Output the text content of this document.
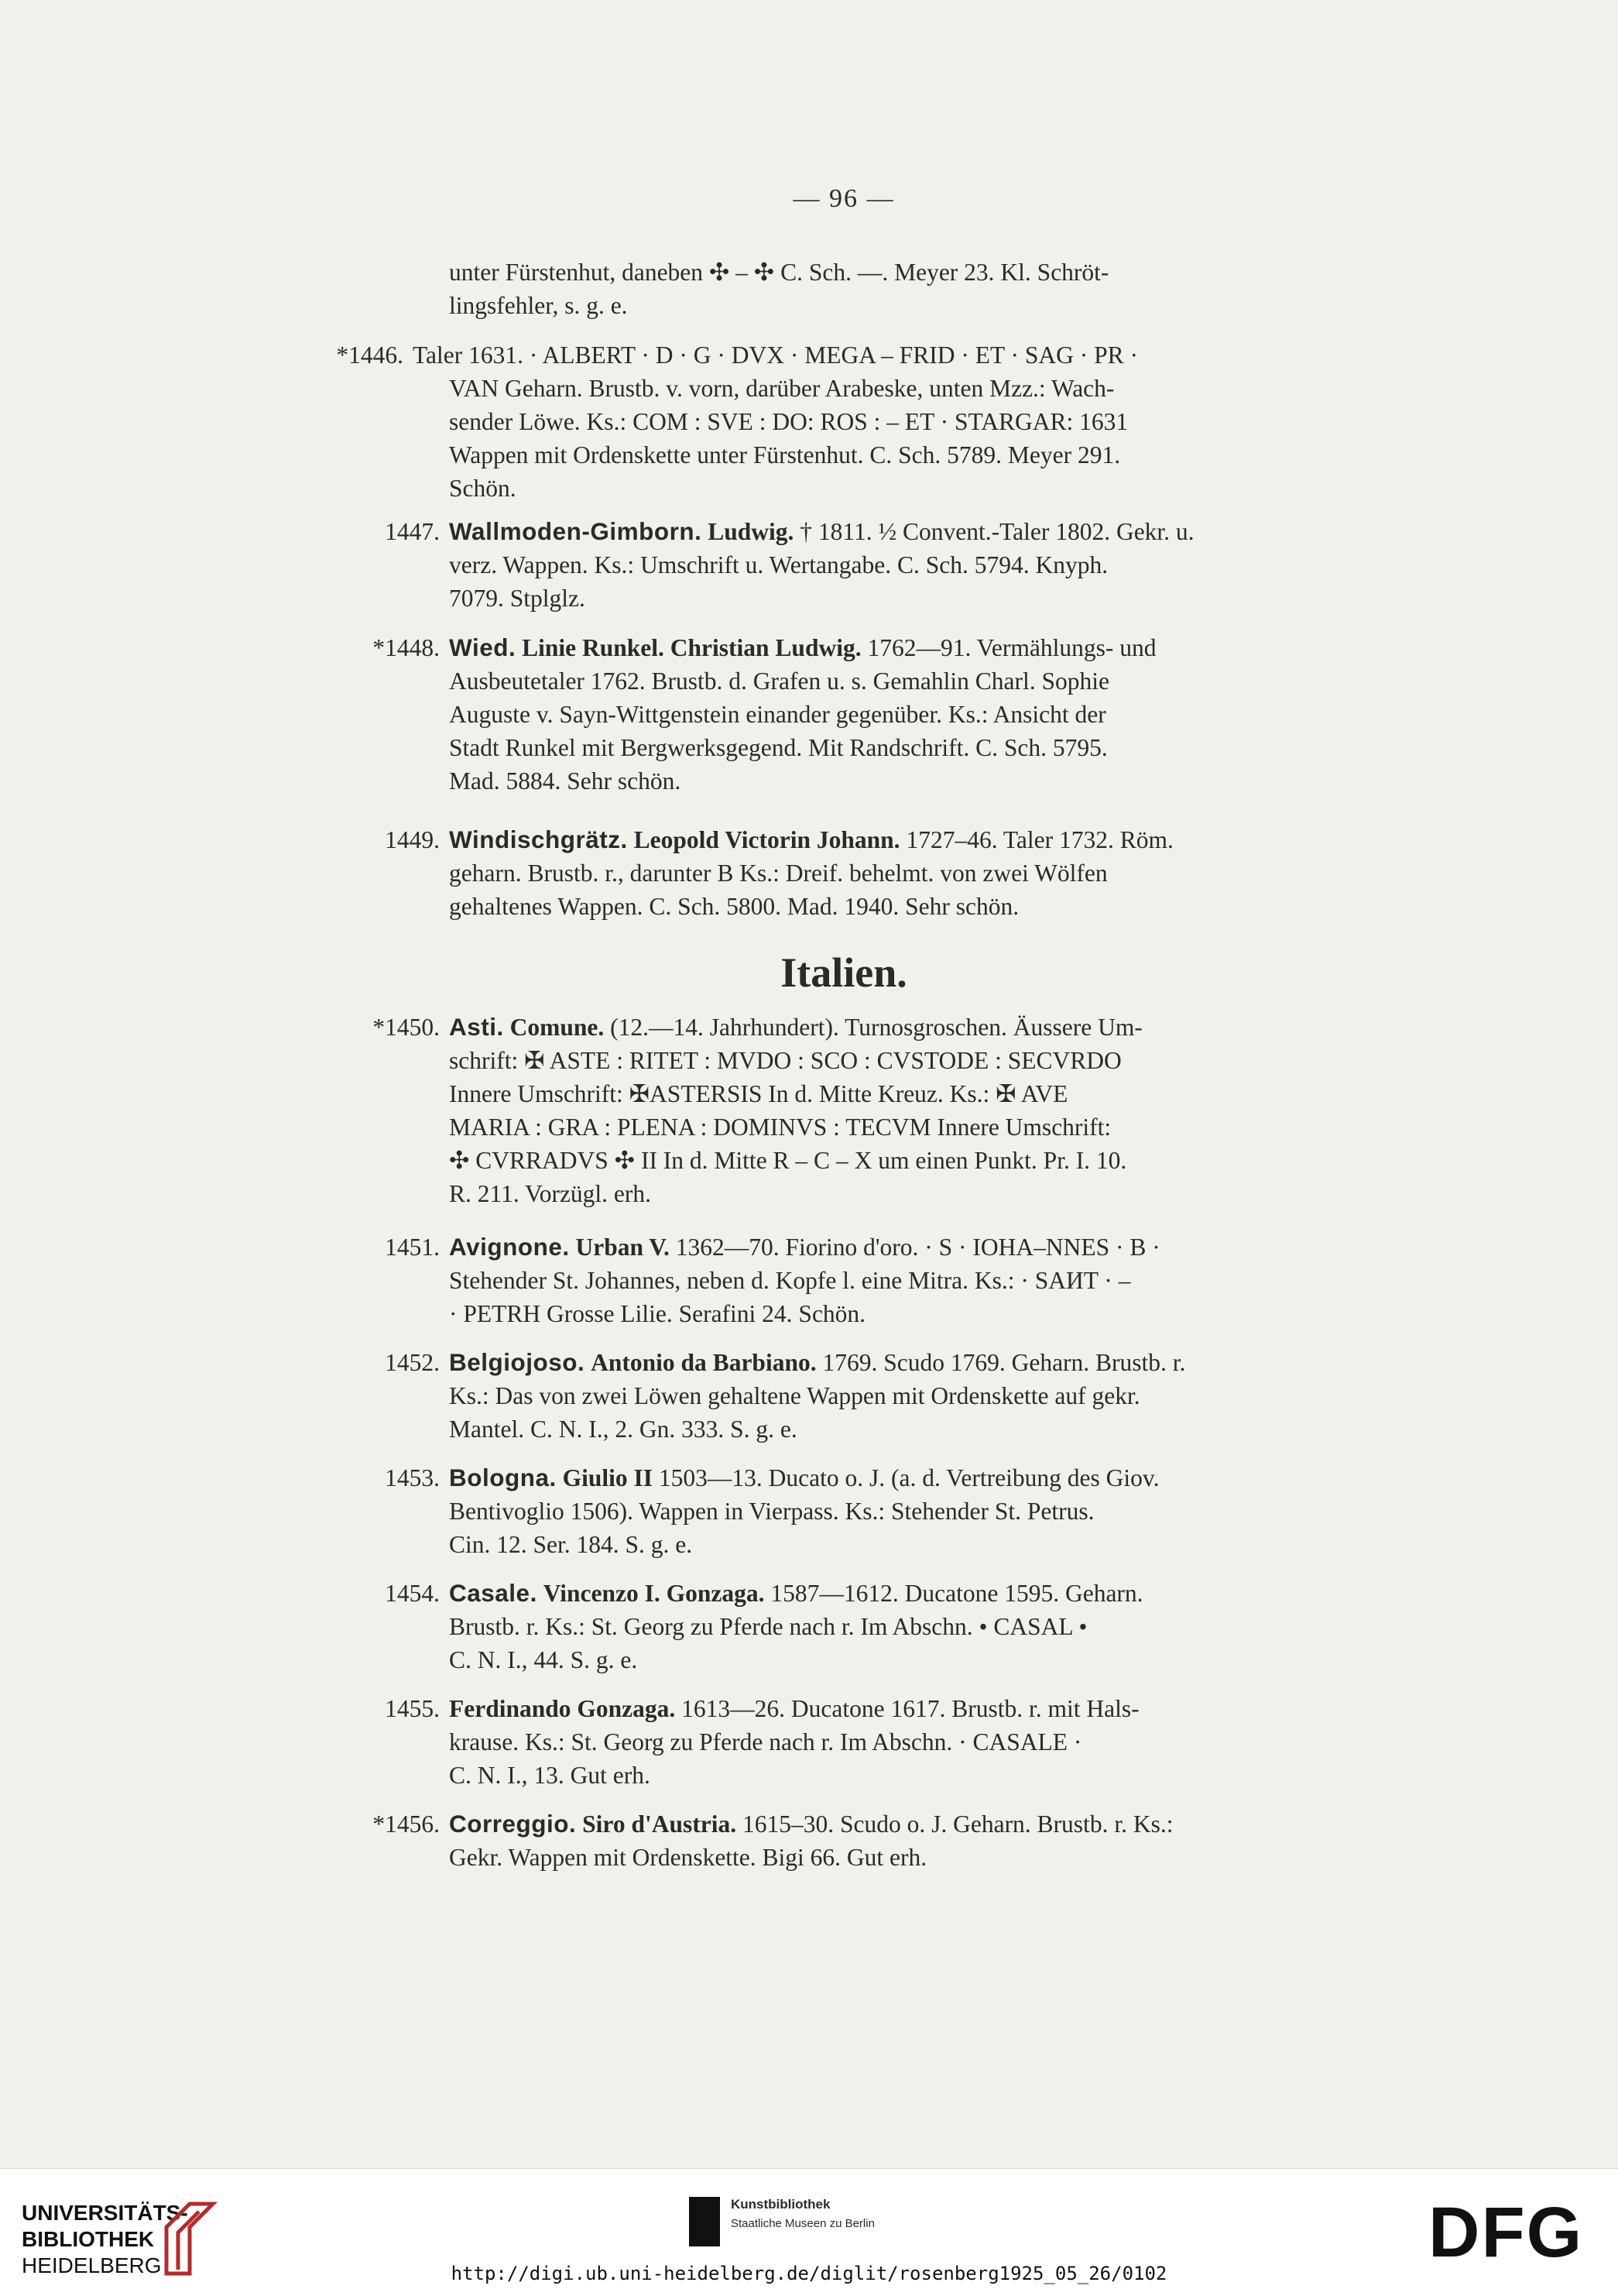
— 96 —
unter Fürstenhut, daneben ✣ – ✣ C. Sch. —. Meyer 23. Kl. Schröt-
lingsfehler, s. g. e.
Taler 1631. · ALBERT · D · G · DVX · MEGA – FRID · ET · SAG · PR ·
*1446.
VAN Geharn. Brustb. v. vorn, darüber Arabeske, unten Mzz.: Wach-
sender Löwe. Ks.: COM : SVE : DO: ROS : – ET · STARGAR: 1631
Wappen mit Ordenskette unter Fürstenhut. C. Sch. 5789. Meyer 291.
Schön.
1447. Wallmoden-Gimborn. Ludwig. † 1811. ½ Convent.-Taler 1802. Gekr. u.
verz. Wappen. Ks.: Umschrift u. Wertangabe. C. Sch. 5794. Knyph.
7079. Stplglz.
*1448. Wied. Linie Runkel. Christian Ludwig. 1762—91. Vermählungs- und
Ausbeutetaler 1762. Brustb. d. Grafen u. s. Gemahlin Charl. Sophie
Auguste v. Sayn-Wittgenstein einander gegenüber. Ks.: Ansicht der
Stadt Runkel mit Bergwerksgegend. Mit Randschrift. C. Sch. 5795.
Mad. 5884. Sehr schön.
1449. Windischgrätz. Leopold Victorin Johann. 1727–46. Taler 1732. Röm.
geharn. Brustb. r., darunter B Ks.: Dreif. behelmt. von zwei Wölfen
gehaltenes Wappen. C. Sch. 5800. Mad. 1940. Sehr schön.
Italien.
*1450. Asti. Comune. (12.—14. Jahrhundert). Turnosgroschen. Äussere Um-
schrift: ✠ ASTE : RITET : MVDO : SCO : CVSTODE : SECVRDO
Innere Umschrift: ✠ASTERSIS In d. Mitte Kreuz. Ks.: ✠ AVE
MARIA : GRA : PLENA : DOMINVS : TECVM Innere Umschrift:
✣ CVRRADVS ✣ II In d. Mitte R – C – X um einen Punkt. Pr. I. 10.
R. 211. Vorzügl. erh.
1451. Avignone. Urban V. 1362—70. Fiorino d'oro. · S · IOHA–NNES · B ·
Stehender St. Johannes, neben d. Kopfe l. eine Mitra. Ks.: · SAИT · –
· PETRH Grosse Lilie. Serafini 24. Schön.
1452. Belgiojoso. Antonio da Barbiano. 1769. Scudo 1769. Geharn. Brustb. r.
Ks.: Das von zwei Löwen gehaltene Wappen mit Ordenskette auf gekr.
Mantel. C. N. I., 2. Gn. 333. S. g. e.
1453. Bologna. Giulio II 1503—13. Ducato o. J. (a. d. Vertreibung des Giov.
Bentivoglio 1506). Wappen in Vierpass. Ks.: Stehender St. Petrus.
Cin. 12. Ser. 184. S. g. e.
1454. Casale. Vincenzo I. Gonzaga. 1587—1612. Ducatone 1595. Geharn.
Brustb. r. Ks.: St. Georg zu Pferde nach r. Im Abschn. • CASAL •
C. N. I., 44. S. g. e.
1455. Ferdinando Gonzaga. 1613—26. Ducatone 1617. Brustb. r. mit Hals-
krause. Ks.: St. Georg zu Pferde nach r. Im Abschn. · CASALE ·
C. N. I., 13. Gut erh.
*1456. Correggio. Siro d'Austria. 1615–30. Scudo o. J. Geharn. Brustb. r. Ks.:
Gekr. Wappen mit Ordenskette. Bigi 66. Gut erh.
UNIVERSITÄTS-
BIBLIOTHEK
HEIDELBERG
Kunstbibliothek
Staatliche Museen zu Berlin	DFG
http://digi.ub.uni-heidelberg.de/diglit/rosenberg1925_05_26/0102
